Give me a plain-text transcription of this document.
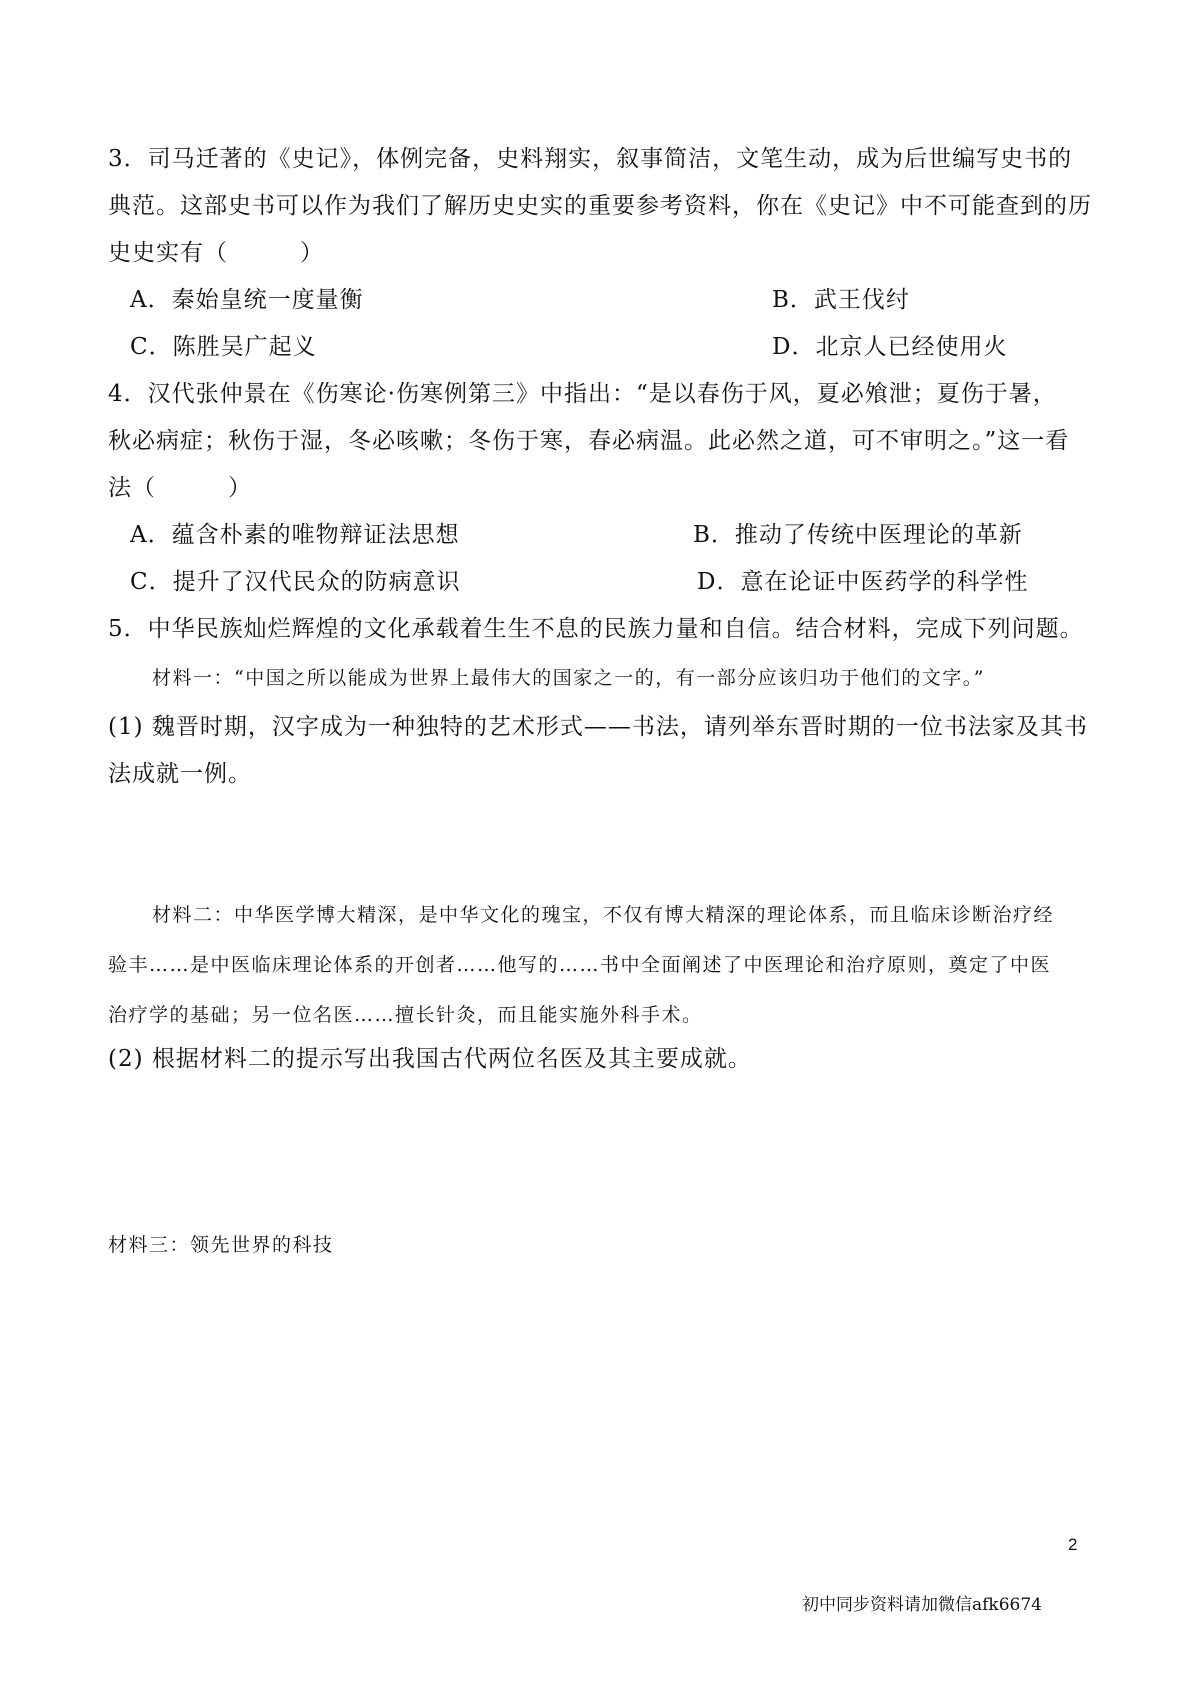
3．司马迁著的《史记》，体例完备，史料翔实，叙事简洁，文笔生动，成为后世编写史书的
典范。这部史书可以作为我们了解历史史实的重要参考资料，你在《史记》中不可能查到的历
史史实有（　　　）
A．秦始皇统一度量衡	B．武王伐纣
C．陈胜吴广起义	D．北京人已经使用火
4．汉代张仲景在《伤寒论·伤寒例第三》中指出：“是以春伤于风，夏必飧泄；夏伤于暑，
秋必病症；秋伤于湿，冬必咳嗽；冬伤于寒，春必病温。此必然之道，可不审明之。”这一看
法（　　　）
A．蕴含朴素的唯物辩证法思想	B．推动了传统中医理论的革新
C．提升了汉代民众的防病意识	D．意在论证中医药学的科学性
5．中华民族灿烂辉煌的文化承载着生生不息的民族力量和自信。结合材料，完成下列问题。
材料一：“中国之所以能成为世界上最伟大的国家之一的，有一部分应该归功于他们的文字。”
(1) 魏晋时期，汉字成为一种独特的艺术形式——书法，请列举东晋时期的一位书法家及其书
法成就一例。
材料二：中华医学博大精深，是中华文化的瑰宝，不仅有博大精深的理论体系，而且临床诊断治疗经
验丰……是中医临床理论体系的开创者……他写的……书中全面阐述了中医理论和治疗原则，奠定了中医
治疗学的基础；另一位名医……擅长针灸，而且能实施外科手术。
(2) 根据材料二的提示写出我国古代两位名医及其主要成就。
材料三：领先世界的科技
2
初中同步资料请加微信afk6674
